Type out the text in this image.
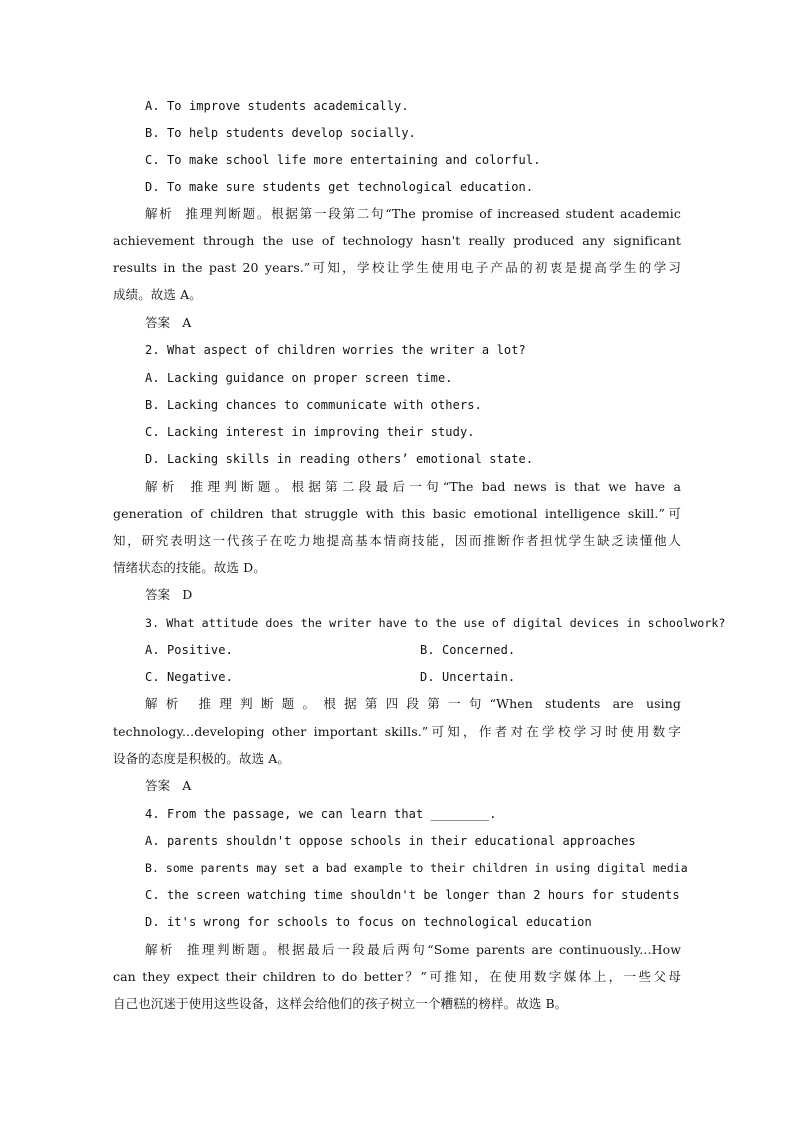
A. To improve students academically.
B. To help students develop socially.
C. To make school life more entertaining and colorful.
D. To make sure students get technological education.
解析 推理判断题。根据第一段第二句“The promise of increased student academic
achievement through the use of technology hasn't really produced any significant
results in the past 20 years.”可知，学校让学生使用电子产品的初衷是提高学生的学习
成绩。故选 A。
答案 A
2. What aspect of children worries the writer a lot?
A. Lacking guidance on proper screen time.
B. Lacking chances to communicate with others.
C. Lacking interest in improving their study.
D. Lacking skills in reading others’ emotional state.
解析 推理判断题。根据第二段最后一句“The bad news is that we have a
generation of children that struggle with this basic emotional intelligence skill.”可
知，研究表明这一代孩子在吃力地提高基本情商技能，因而推断作者担忧学生缺乏读懂他人
情绪状态的技能。故选 D。
答案 D
3. What attitude does the writer have to the use of digital devices in schoolwork?
A. Positive.	B. Concerned.
C. Negative.	D. Uncertain.
解析 推理判断题。根据第四段第一句“When students are using
technology...developing other important skills.”可知，作者对在学校学习时使用数字
设备的态度是积极的。故选 A。
答案 A
4. From the passage, we can learn that ________.
A. parents shouldn't oppose schools in their educational approaches
B. some parents may set a bad example to their children in using digital media
C. the screen watching time shouldn't be longer than 2 hours for students
D. it's wrong for schools to focus on technological education
解析 推理判断题。根据最后一段最后两句“Some parents are continuously...How
can they expect their children to do better？”可推知，在使用数字媒体上，一些父母
自己也沉迷于使用这些设备，这样会给他们的孩子树立一个糟糕的榜样。故选 B。
